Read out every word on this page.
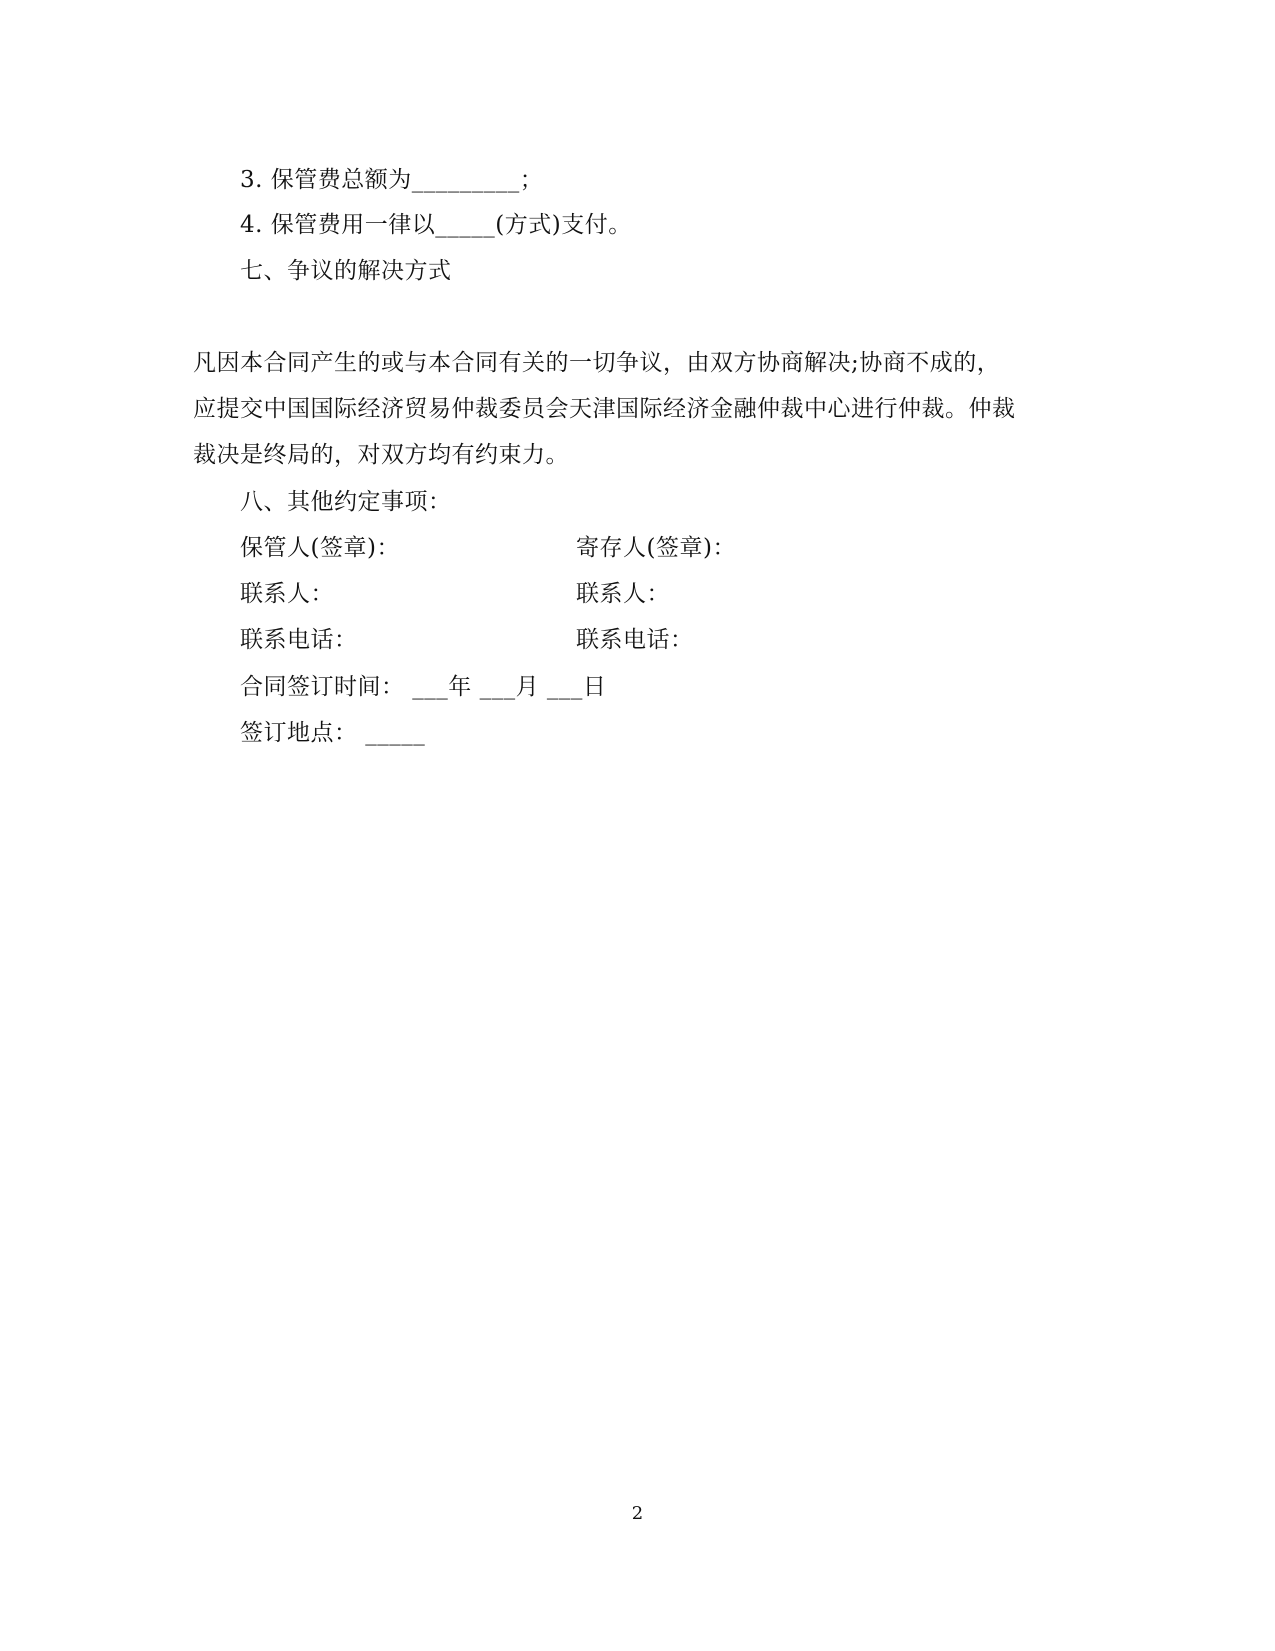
3. 保管费总额为_________；
4. 保管费用一律以_____(方式)支付。
七、争议的解决方式
凡因本合同产生的或与本合同有关的一切争议，由双方协商解决;协商不成的，
应提交中国国际经济贸易仲裁委员会天津国际经济金融仲裁中心进行仲裁。仲裁
裁决是终局的，对双方均有约束力。
八、其他约定事项：
保管人(签章)：	寄存人(签章)：
联系人：	联系人：
联系电话：	联系电话：
合同签订时间： ___年 ___月 ___日
签订地点： _____
2
